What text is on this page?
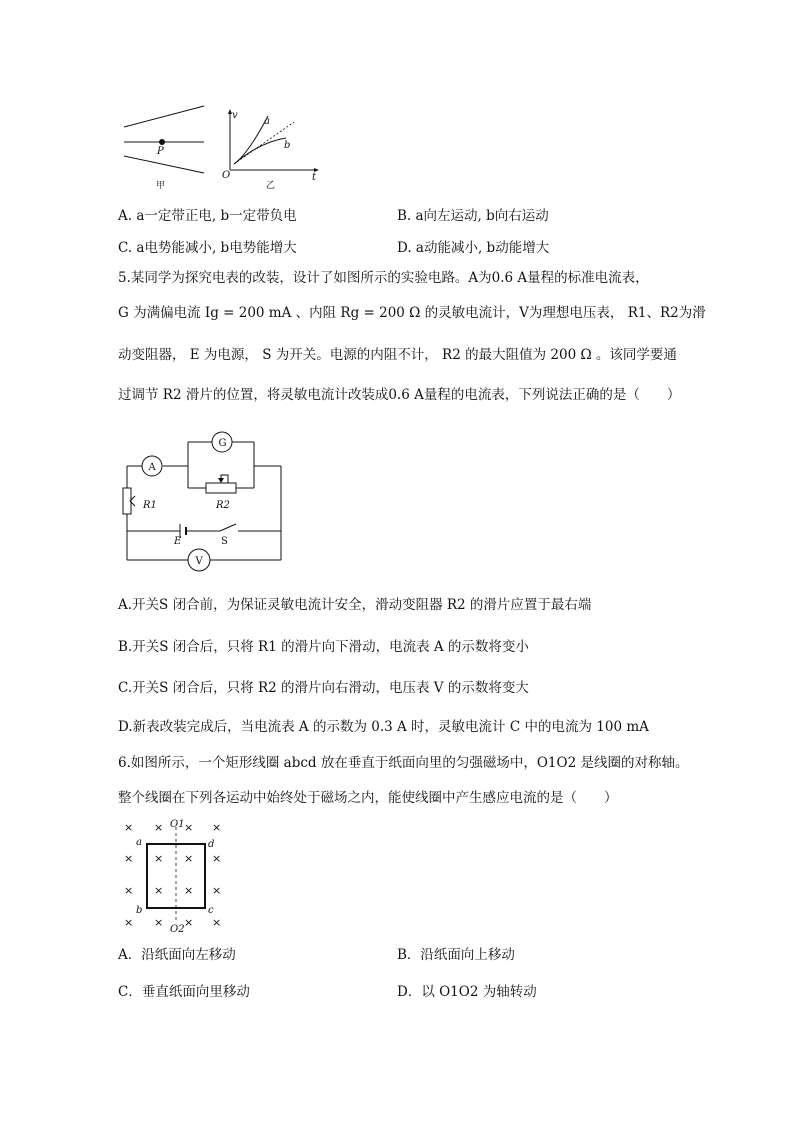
P
甲
v
t
O
a
b
乙
A. a一定带正电, b一定带负电	B. a向左运动, b向右运动
C. a电势能减小, b电势能增大	D. a动能减小, b动能增大
5.某同学为探究电表的改装，设计了如图所示的实验电路。A为0.6 A量程的标准电流表，
G 为满偏电流 Ig = 200 mA 、内阻 Rg = 200 Ω 的灵敏电流计，V为理想电压表， R1、R2为滑
动变阻器， E 为电源， S 为开关。电源的内阻不计， R2 的最大阻值为 200 Ω 。该同学要通
过调节 R2 滑片的位置，将灵敏电流计改装成0.6 A量程的电流表，下列说法正确的是（　　）
A
G
V
R1	R2
E	S
A.开关S 闭合前，为保证灵敏电流计安全，滑动变阻器 R2 的滑片应置于最右端
B.开关S 闭合后，只将 R1 的滑片向下滑动，电流表 A 的示数将变小
C.开关S 闭合后，只将 R2 的滑片向右滑动，电压表 V 的示数将变大
D.新表改装完成后，当电流表 A 的示数为 0.3 A 时，灵敏电流计 C 中的电流为 100 mA
6.如图所示，一个矩形线圈 abcd 放在垂直于纸面向里的匀强磁场中，O1O2 是线圈的对称轴。
整个线圈在下列各运动中始终处于磁场之内，能使线圈中产生感应电流的是（　　）
× × × ×
× × × ×
× × × ×
× × × ×
O1
O2
a	d
b	c
A．沿纸面向左移动	B．沿纸面向上移动
C．垂直纸面向里移动	D．以 O1O2 为轴转动
